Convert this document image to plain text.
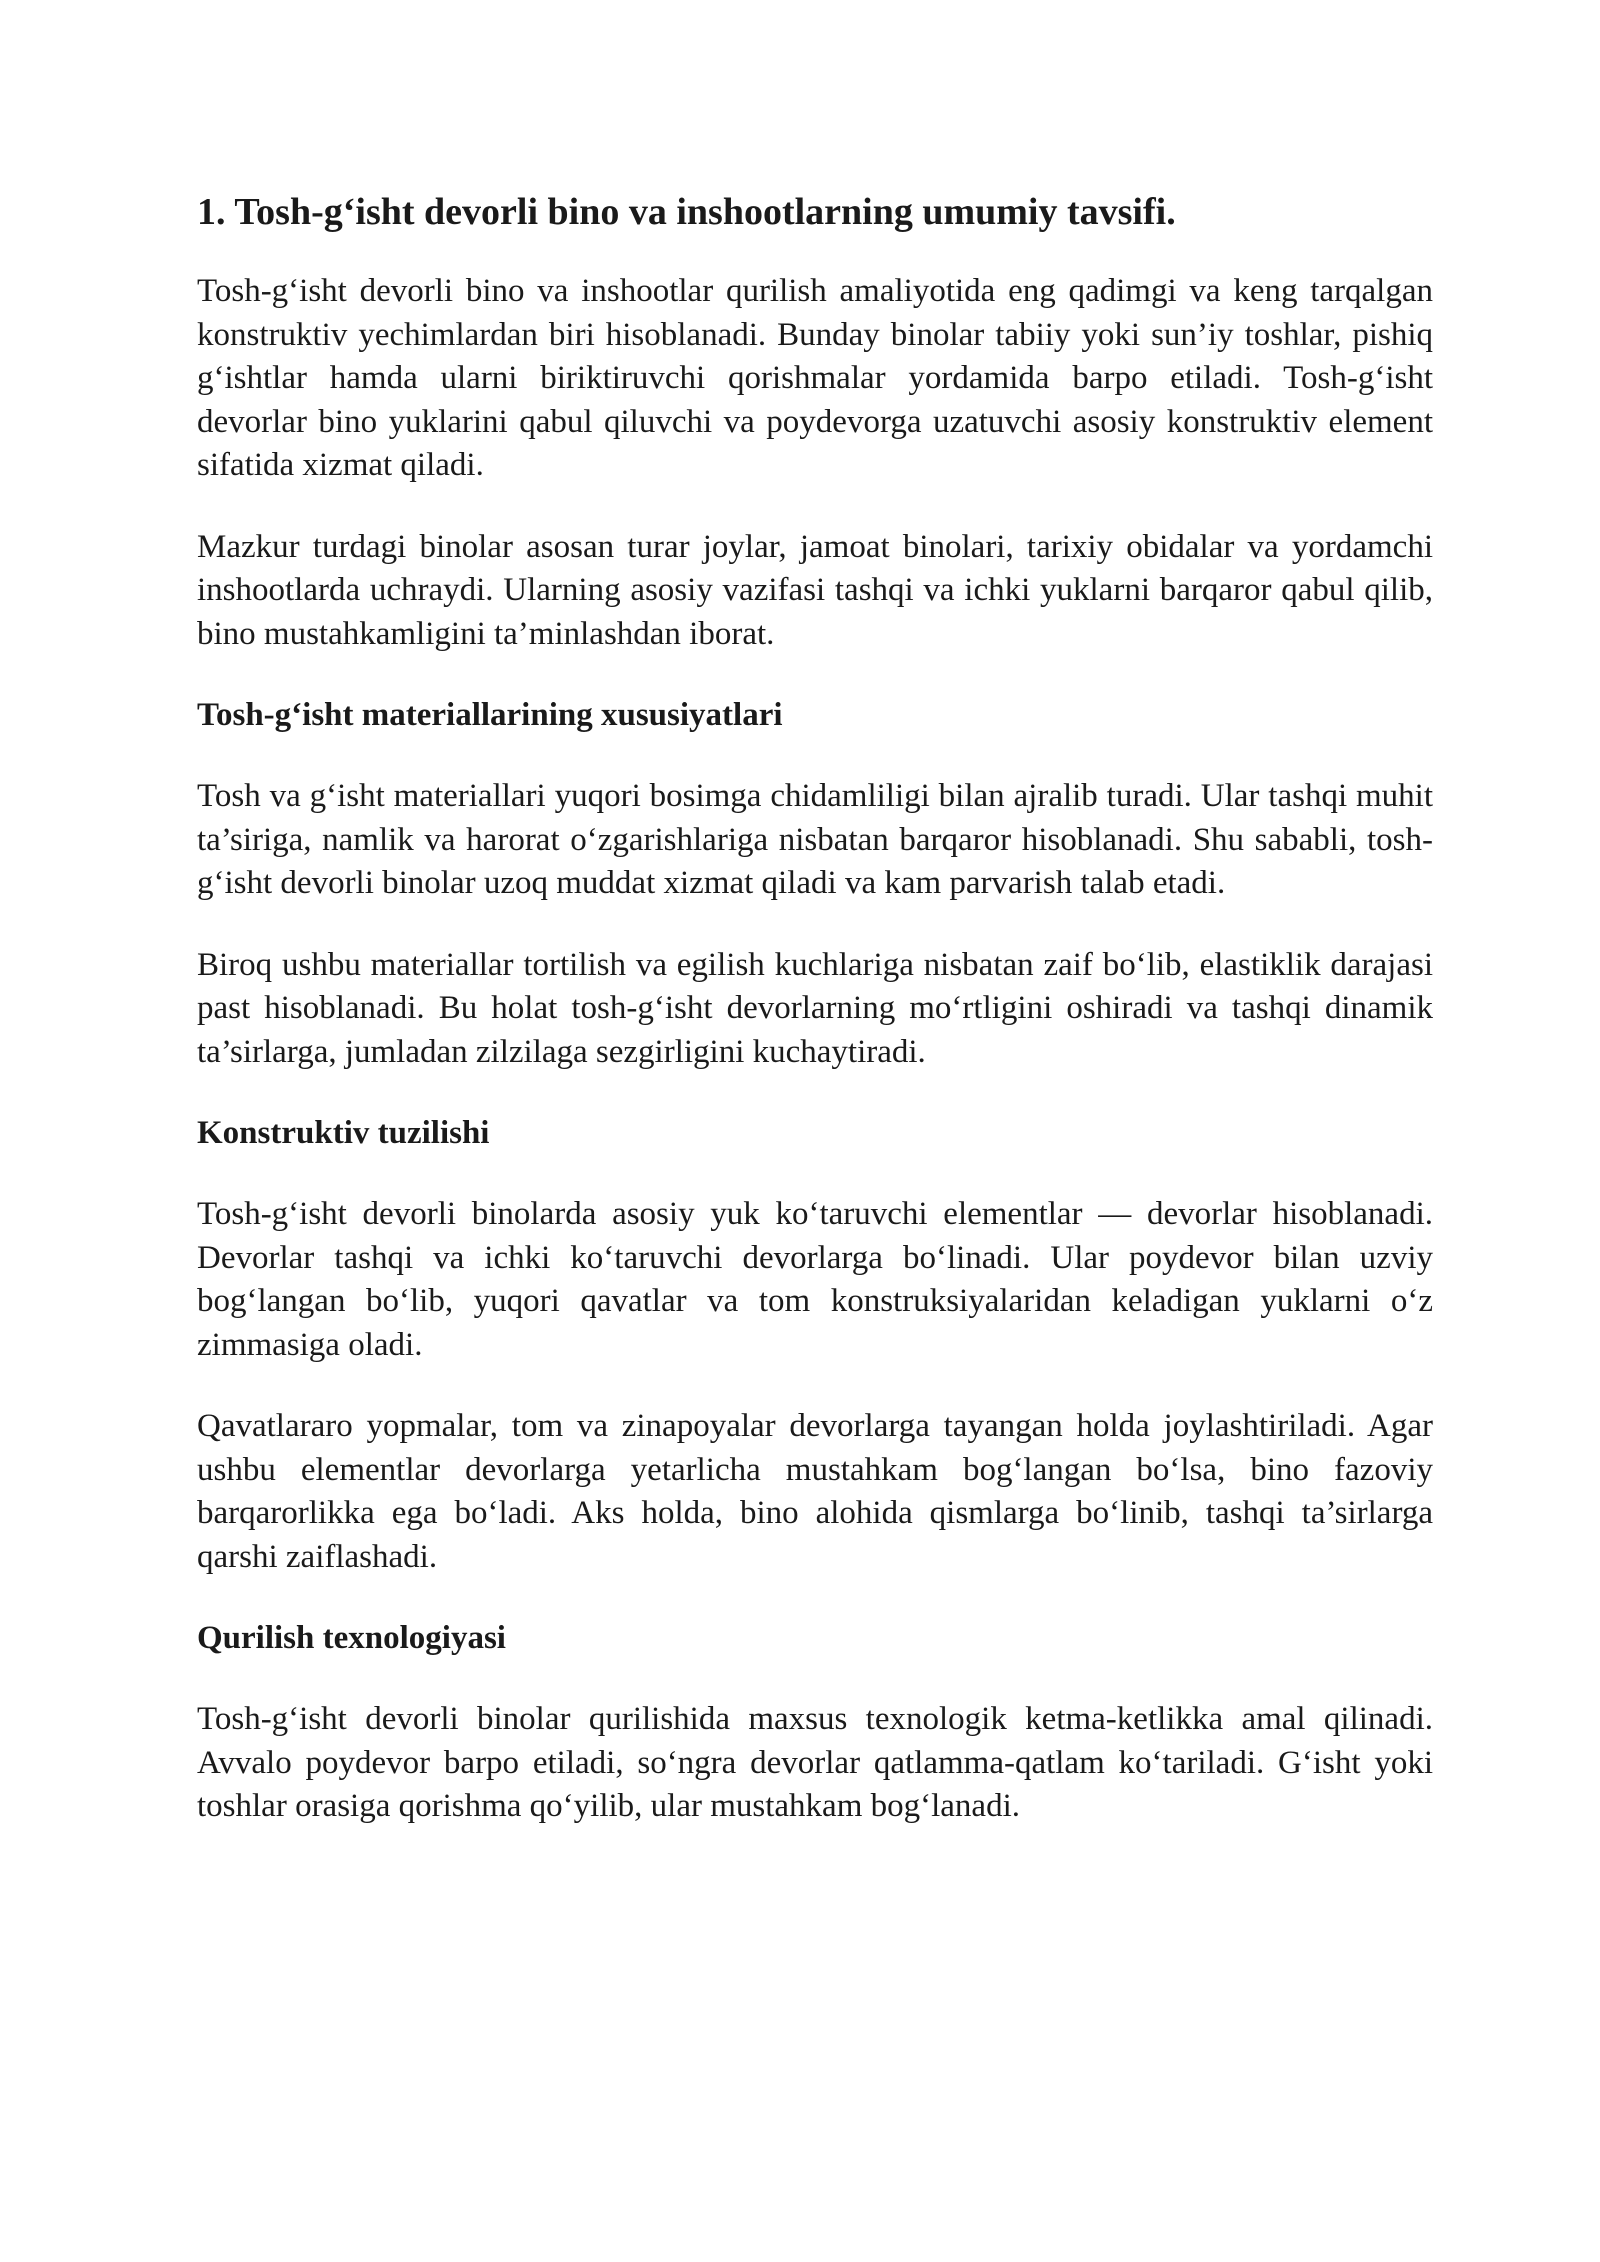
1. Tosh-g‘isht devorli bino va inshootlarning umumiy tavsifi.

Tosh-g‘isht devorli bino va inshootlar qurilish amaliyotida eng qadimgi va keng tarqalgan konstruktiv yechimlardan biri hisoblanadi. Bunday binolar tabiiy yoki sun’iy toshlar, pishiq g‘ishtlar hamda ularni biriktiruvchi qorishmalar yordamida barpo etiladi. Tosh-g‘isht devorlar bino yuklarini qabul qiluvchi va poydevorga uzatuvchi asosiy konstruktiv element sifatida xizmat qiladi.

Mazkur turdagi binolar asosan turar joylar, jamoat binolari, tarixiy obidalar va yordamchi inshootlarda uchraydi. Ularning asosiy vazifasi tashqi va ichki yuklarni barqaror qabul qilib, bino mustahkamligini ta’minlashdan iborat.

Tosh-g‘isht materiallarining xususiyatlari

Tosh va g‘isht materiallari yuqori bosimga chidamliligi bilan ajralib turadi. Ular tashqi muhit ta’siriga, namlik va harorat o‘zgarishlariga nisbatan barqaror hisoblanadi. Shu sababli, tosh-g‘isht devorli binolar uzoq muddat xizmat qiladi va kam parvarish talab etadi.

Biroq ushbu materiallar tortilish va egilish kuchlariga nisbatan zaif bo‘lib, elastiklik darajasi past hisoblanadi. Bu holat tosh-g‘isht devorlarning mo‘rtligini oshiradi va tashqi dinamik ta’sirlarga, jumladan zilzilaga sezgirligini kuchaytiradi.

Konstruktiv tuzilishi

Tosh-g‘isht devorli binolarda asosiy yuk ko‘taruvchi elementlar — devorlar hisoblanadi. Devorlar tashqi va ichki ko‘taruvchi devorlarga bo‘linadi. Ular poydevor bilan uzviy bog‘langan bo‘lib, yuqori qavatlar va tom konstruksiyalaridan keladigan yuklarni o‘z zimmasiga oladi.

Qavatlararo yopmalar, tom va zinapoyalar devorlarga tayangan holda joylashtiriladi. Agar ushbu elementlar devorlarga yetarlicha mustahkam bog‘langan bo‘lsa, bino fazoviy barqarorlikka ega bo‘ladi. Aks holda, bino alohida qismlarga bo‘linib, tashqi ta’sirlarga qarshi zaiflashadi.

Qurilish texnologiyasi

Tosh-g‘isht devorli binolar qurilishida maxsus texnologik ketma-ketlikka amal qilinadi. Avvalo poydevor barpo etiladi, so‘ngra devorlar qatlamma-qatlam ko‘tariladi. G‘isht yoki toshlar orasiga qorishma qo‘yilib, ular mustahkam bog‘lanadi.
